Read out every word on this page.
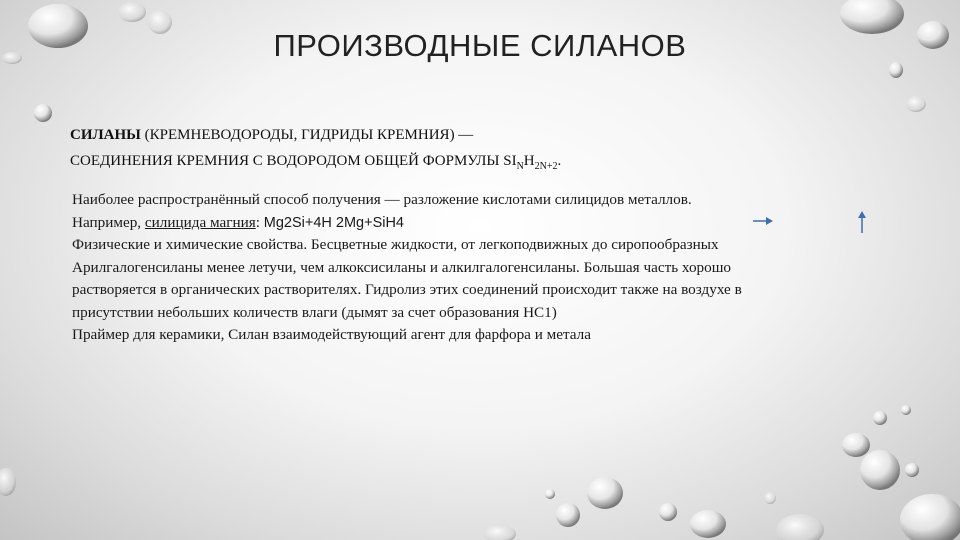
ПРОИЗВОДНЫЕ СИЛАНОВ
СИЛАНЫ (КРЕМНЕВОДОРОДЫ, ГИДРИДЫ КРЕМНИЯ) —
СОЕДИНЕНИЯ КРЕМНИЯ С ВОДОРОДОМ ОБЩЕЙ ФОРМУЛЫ $SI_NH_{2N+2}$.
Наиболее распространённый способ получения — разложение кислотами силицидов металлов.
Например, силицида магния: Mg2Si+4H 2Mg+SiH4
Физические и химические свойства. Бесцветные жидкости, от легкоподвижных до сиропообразных
Арилгалогенсиланы менее летучи, чем алкоксисиланы и алкилгалогенсиланы. Большая часть хорошо
растворяется в органических растворителях. Гидролиз этих соединений происходит также на воздухе в
присутствии небольших количеств влаги (дымят за счет образования HC1)
Праймер для керамики, Силан взаимодействующий агент для фарфора и метала
